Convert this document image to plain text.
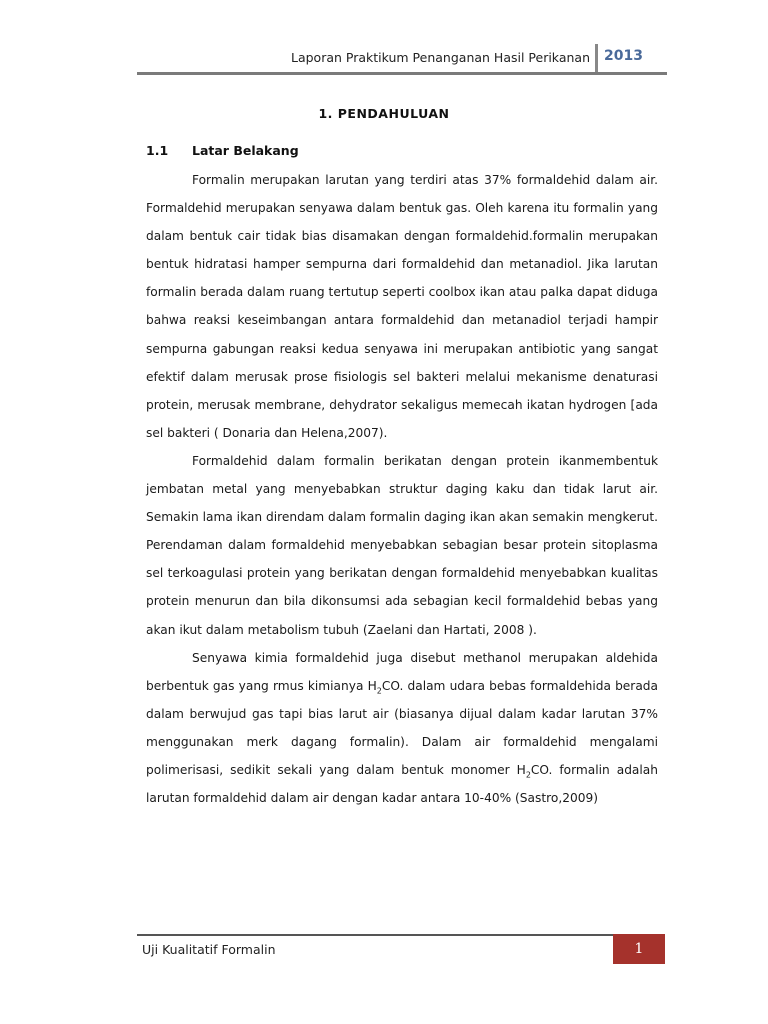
Laporan Praktikum Penanganan Hasil Perikanan 2013
1. PENDAHULUAN
1.1 Latar Belakang

Formalin merupakan larutan yang terdiri atas 37% formaldehid dalam air. Formaldehid merupakan senyawa dalam bentuk gas. Oleh karena itu formalin yang dalam bentuk cair tidak bias disamakan dengan formaldehid.formalin merupakan bentuk hidratasi hamper sempurna dari formaldehid dan metanadiol. Jika larutan formalin berada dalam ruang tertutup seperti coolbox ikan atau palka dapat diduga bahwa reaksi keseimbangan antara formaldehid dan metanadiol terjadi hampir sempurna gabungan reaksi kedua senyawa ini merupakan antibiotic yang sangat efektif dalam merusak prose fisiologis sel bakteri melalui mekanisme denaturasi protein, merusak membrane, dehydrator sekaligus memecah ikatan hydrogen [ada sel bakteri ( Donaria dan Helena,2007).

Formaldehid dalam formalin berikatan dengan protein ikanmembentuk jembatan metal yang menyebabkan struktur daging kaku dan tidak larut air. Semakin lama ikan direndam dalam formalin daging ikan akan semakin mengkerut. Perendaman dalam formaldehid menyebabkan sebagian besar protein sitoplasma sel terkoagulasi protein yang berikatan dengan formaldehid menyebabkan kualitas protein menurun dan bila dikonsumsi ada sebagian kecil formaldehid bebas yang akan ikut dalam metabolism tubuh (Zaelani dan Hartati, 2008 ).

Senyawa kimia formaldehid juga disebut methanol merupakan aldehida berbentuk gas yang rmus kimianya $H_2CO$. dalam udara bebas formaldehida berada dalam berwujud gas tapi bias larut air (biasanya dijual dalam kadar larutan 37% menggunakan merk dagang formalin). Dalam air formaldehid mengalami polimerisasi, sedikit sekali yang dalam bentuk monomer $H_2CO$. formalin adalah larutan formaldehid dalam air dengan kadar antara 10-40% (Sastro,2009)

Uji Kualitatif Formalin	1
